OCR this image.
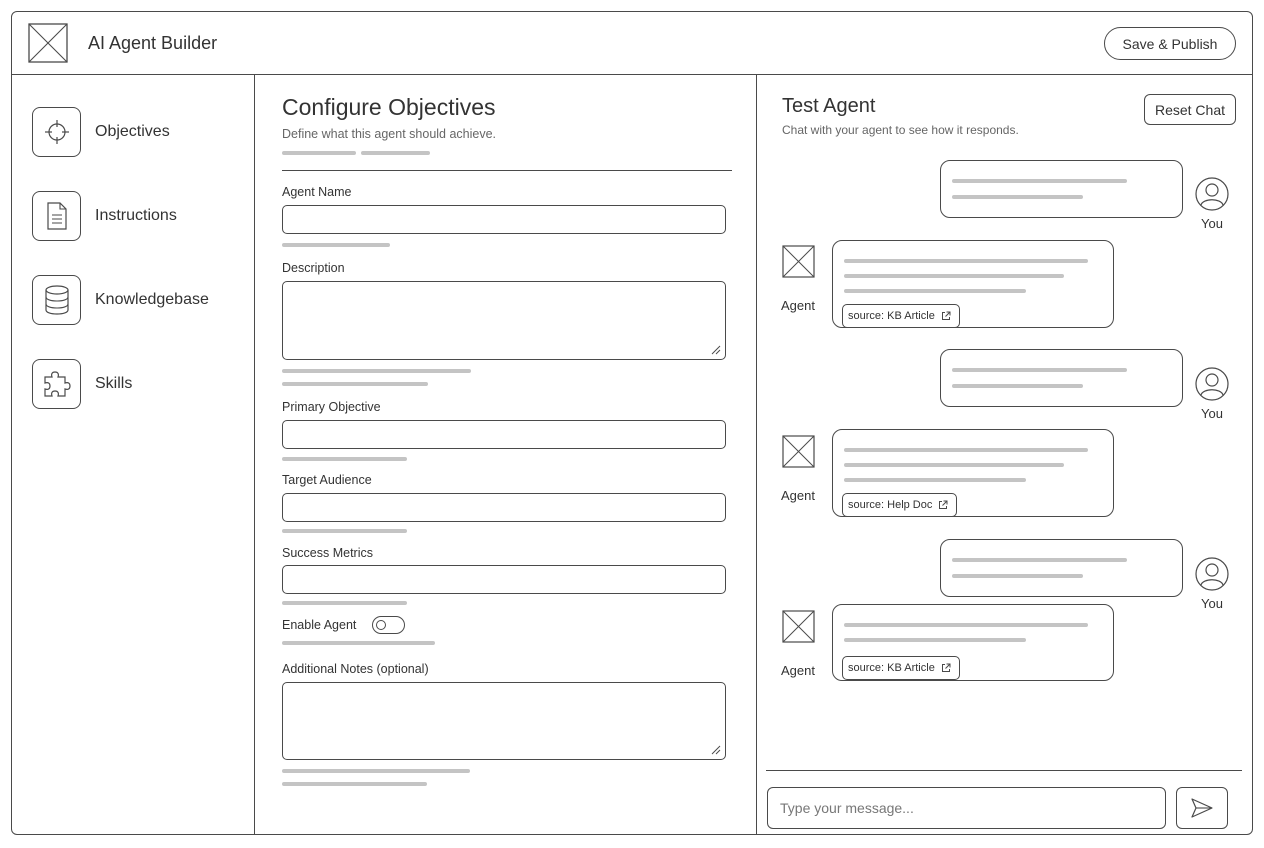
AI Agent Builder	Save & Publish
Objectives
Instructions
Knowledgebase
Skills
Configure Objectives
Define what this agent should achieve.
Agent Name
Description
Primary Objective
Target Audience
Success Metrics
Enable Agent
Additional Notes (optional)
Test Agent
Chat with your agent to see how it responds.
Reset Chat
You
Agent
source: KB Article
You
Agent
source: Help Doc
You
Agent	source: KB Article
Type your message...
